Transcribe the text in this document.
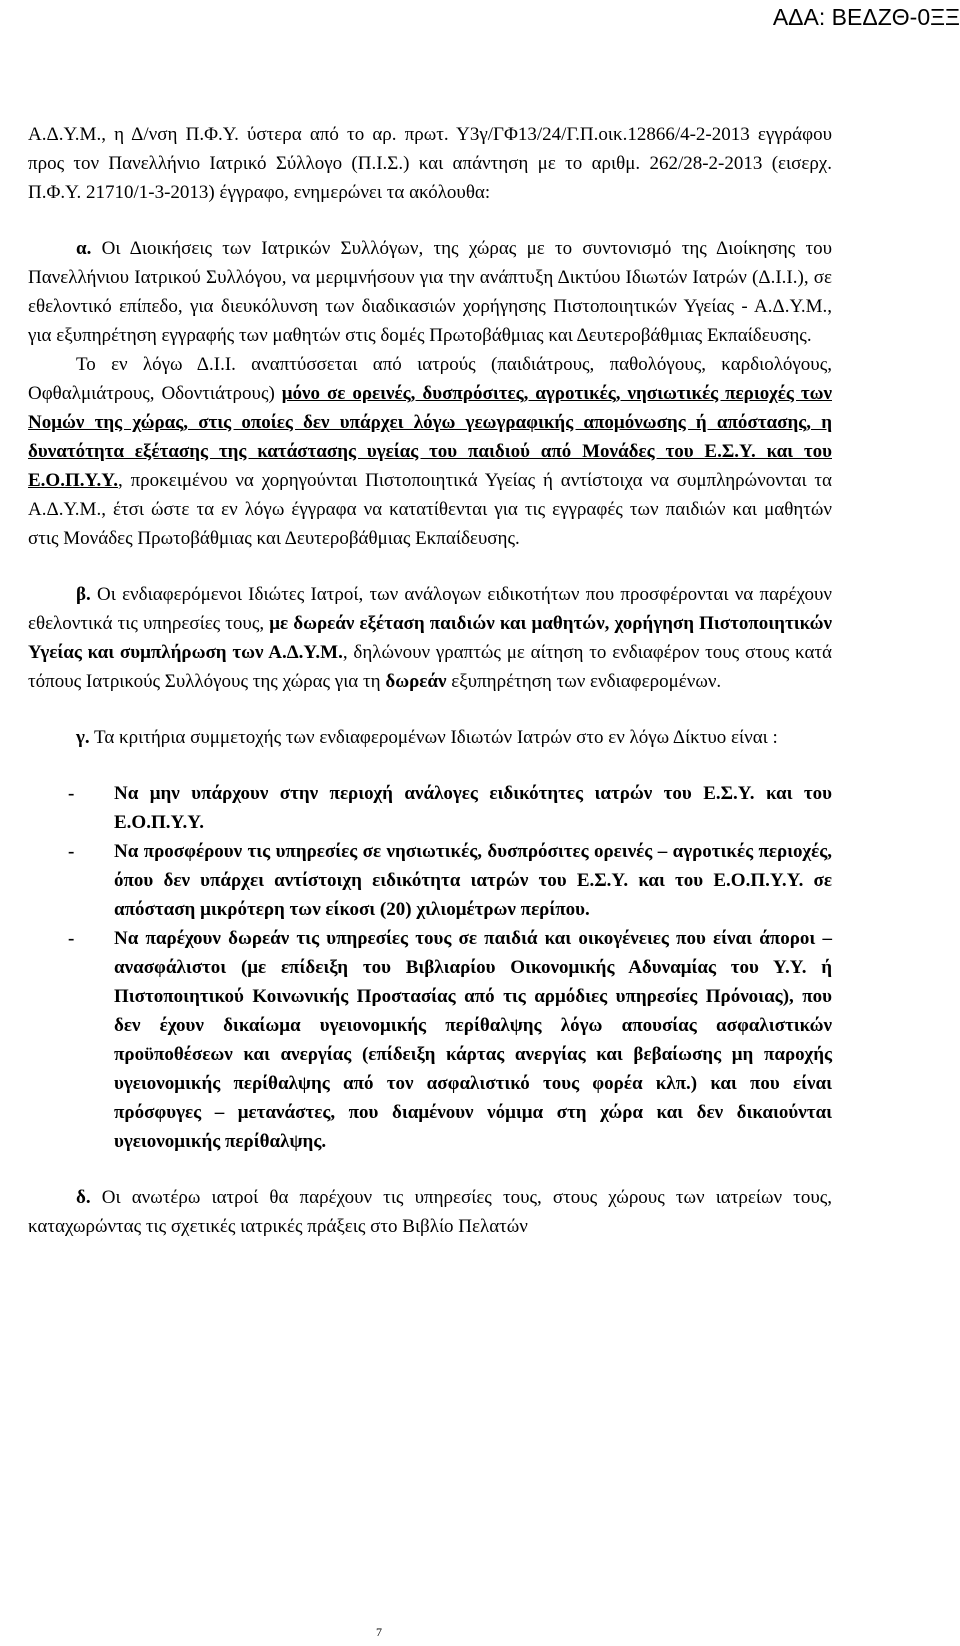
ΑΔΑ: ΒΕΔΖΘ-0ΞΞ

Α.Δ.Υ.Μ., η Δ/νση Π.Φ.Υ. ύστερα από το αρ. πρωτ. Υ3γ/ΓΦ13/24/Γ.Π.οικ.12866/4-2-2013 εγγράφου προς τον Πανελλήνιο Ιατρικό Σύλλογο (Π.Ι.Σ.) και απάντηση με το αριθμ. 262/28-2-2013 (εισερχ. Π.Φ.Υ. 21710/1-3-2013) έγγραφο, ενημερώνει τα ακόλουθα:

α. Οι Διοικήσεις των Ιατρικών Συλλόγων, της χώρας με το συντονισμό της Διοίκησης του Πανελλήνιου Ιατρικού Συλλόγου, να μεριμνήσουν για την ανάπτυξη Δικτύου Ιδιωτών Ιατρών (Δ.Ι.Ι.), σε εθελοντικό επίπεδο, για διευκόλυνση των διαδικασιών χορήγησης Πιστοποιητικών Υγείας - Α.Δ.Υ.Μ., για εξυπηρέτηση εγγραφής των μαθητών στις δομές Πρωτοβάθμιας και Δευτεροβάθμιας Εκπαίδευσης.

Το εν λόγω Δ.Ι.Ι. αναπτύσσεται από ιατρούς (παιδιάτρους, παθολόγους, καρδιολόγους, Οφθαλμιάτρους, Οδοντιάτρους) μόνο σε ορεινές, δυσπρόσιτες, αγροτικές, νησιωτικές περιοχές των Νομών της χώρας, στις οποίες δεν υπάρχει λόγω γεωγραφικής απομόνωσης ή απόστασης, η δυνατότητα εξέτασης της κατάστασης υγείας του παιδιού από Μονάδες του Ε.Σ.Υ. και του Ε.Ο.Π.Υ.Υ., προκειμένου να χορηγούνται Πιστοποιητικά Υγείας ή αντίστοιχα να συμπληρώνονται τα Α.Δ.Υ.Μ., έτσι ώστε τα εν λόγω έγγραφα να κατατίθενται για τις εγγραφές των παιδιών και μαθητών στις Μονάδες Πρωτοβάθμιας και Δευτεροβάθμιας Εκπαίδευσης.

β. Οι ενδιαφερόμενοι Ιδιώτες Ιατροί, των ανάλογων ειδικοτήτων που προσφέρονται να παρέχουν εθελοντικά τις υπηρεσίες τους, με δωρεάν εξέταση παιδιών και μαθητών, χορήγηση Πιστοποιητικών Υγείας και συμπλήρωση των Α.Δ.Υ.Μ., δηλώνουν γραπτώς με αίτηση το ενδιαφέρον τους στους κατά τόπους Ιατρικούς Συλλόγους της χώρας για τη δωρεάν εξυπηρέτηση των ενδιαφερομένων.

γ. Τα κριτήρια συμμετοχής των ενδιαφερομένων Ιδιωτών Ιατρών στο εν λόγω Δίκτυο είναι :

- Να μην υπάρχουν στην περιοχή ανάλογες ειδικότητες ιατρών του Ε.Σ.Υ. και του Ε.Ο.Π.Υ.Υ.
- Να προσφέρουν τις υπηρεσίες σε νησιωτικές, δυσπρόσιτες ορεινές – αγροτικές περιοχές, όπου δεν υπάρχει αντίστοιχη ειδικότητα ιατρών του Ε.Σ.Υ. και του Ε.Ο.Π.Υ.Υ. σε απόσταση μικρότερη των είκοσι (20) χιλιομέτρων περίπου.
- Να παρέχουν δωρεάν τις υπηρεσίες τους σε παιδιά και οικογένειες που είναι άποροι – ανασφάλιστοι (με επίδειξη του Βιβλιαρίου Οικονομικής Αδυναμίας του Υ.Υ. ή Πιστοποιητικού Κοινωνικής Προστασίας από τις αρμόδιες υπηρεσίες Πρόνοιας), που δεν έχουν δικαίωμα υγειονομικής περίθαλψης λόγω απουσίας ασφαλιστικών προϋποθέσεων και ανεργίας (επίδειξη κάρτας ανεργίας και βεβαίωσης μη παροχής υγειονομικής περίθαλψης από τον ασφαλιστικό τους φορέα κλπ.) και που είναι πρόσφυγες – μετανάστες, που διαμένουν νόμιμα στη χώρα και δεν δικαιούνται υγειονομικής περίθαλψης.

δ. Οι ανωτέρω ιατροί θα παρέχουν τις υπηρεσίες τους, στους χώρους των ιατρείων τους, καταχωρώντας τις σχετικές ιατρικές πράξεις στο Βιβλίο Πελατών

7
